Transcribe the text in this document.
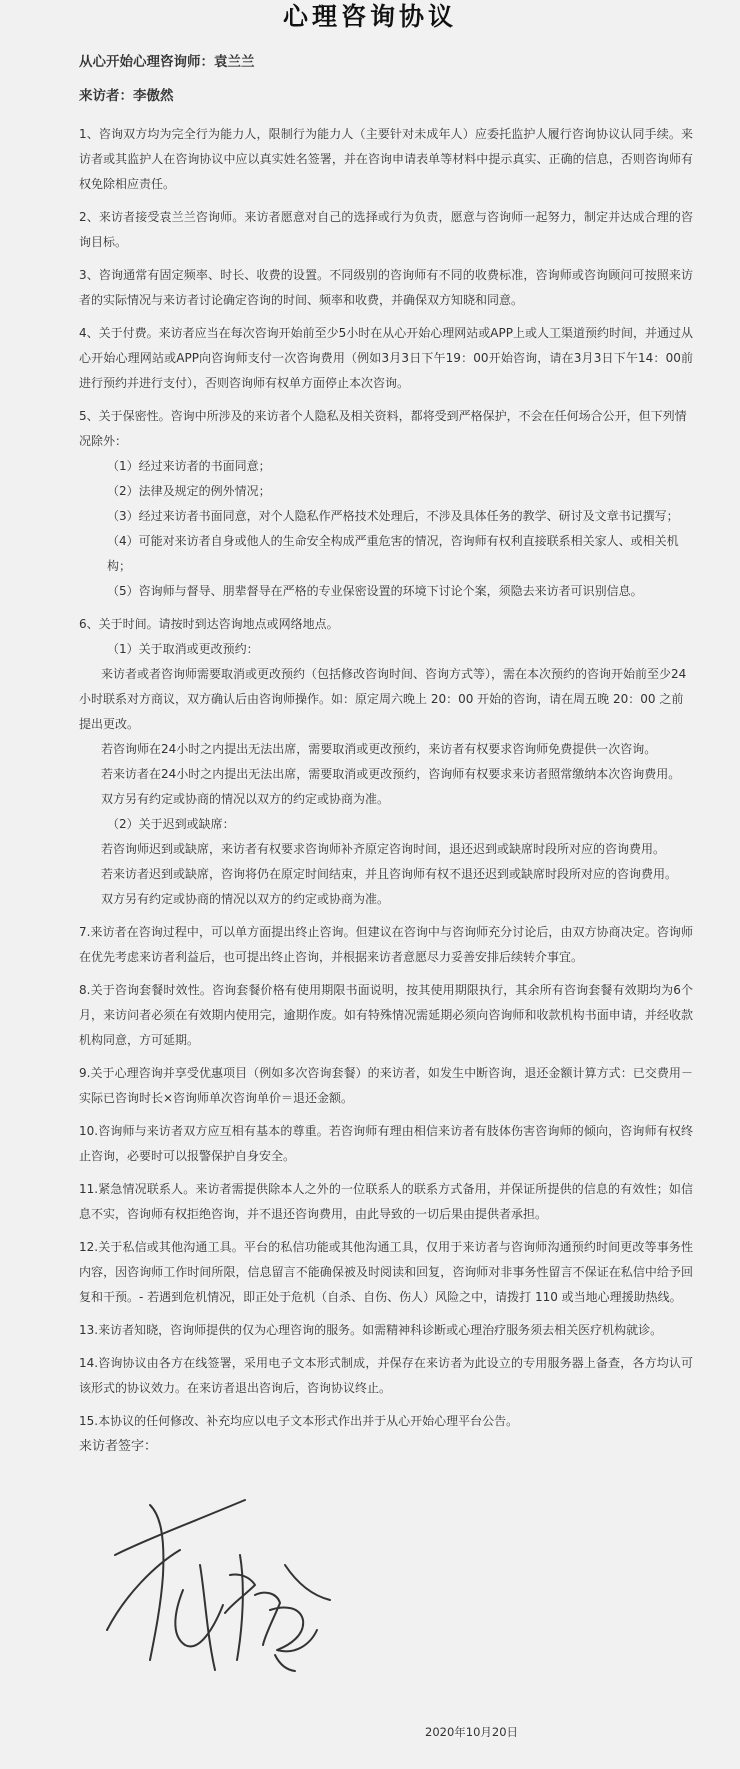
心理咨询协议
从心开始心理咨询师：袁兰兰
来访者：李傲然

1、咨询双方均为完全行为能力人，限制行为能力人（主要针对未成年人）应委托监护人履行咨询协议认同手续。来访者或其监护人在咨询协议中应以真实姓名签署，并在咨询申请表单等材料中提示真实、正确的信息，否则咨询师有权免除相应责任。

2、来访者接受袁兰兰咨询师。来访者愿意对自己的选择或行为负责，愿意与咨询师一起努力，制定并达成合理的咨询目标。

3、咨询通常有固定频率、时长、收费的设置。不同级别的咨询师有不同的收费标准，咨询师或咨询顾问可按照来访者的实际情况与来访者讨论确定咨询的时间、频率和收费，并确保双方知晓和同意。

4、关于付费。来访者应当在每次咨询开始前至少5小时在从心开始心理网站或APP上或人工渠道预约时间，并通过从心开始心理网站或APP向咨询师支付一次咨询费用（例如3月3日下午19：00开始咨询，请在3月3日下午14：00前进行预约并进行支付），否则咨询师有权单方面停止本次咨询。

5、关于保密性。咨询中所涉及的来访者个人隐私及相关资料，都将受到严格保护，不会在任何场合公开，但下列情况除外：

（1）经过来访者的书面同意；

（2）法律及规定的例外情况；

（3）经过来访者书面同意，对个人隐私作严格技术处理后，不涉及具体任务的教学、研讨及文章书记撰写；

（4）可能对来访者自身或他人的生命安全构成严重危害的情况，咨询师有权利直接联系相关家人、或相关机构；

（5）咨询师与督导、朋辈督导在严格的专业保密设置的环境下讨论个案，须隐去来访者可识别信息。

6、关于时间。请按时到达咨询地点或网络地点。

（1）关于取消或更改预约：

来访者或者咨询师需要取消或更改预约（包括修改咨询时间、咨询方式等），需在本次预约的咨询开始前至少24小时联系对方商议，双方确认后由咨询师操作。如：原定周六晚上 20：00 开始的咨询，请在周五晚 20：00 之前提出更改。

若咨询师在24小时之内提出无法出席，需要取消或更改预约，来访者有权要求咨询师免费提供一次咨询。

若来访者在24小时之内提出无法出席，需要取消或更改预约，咨询师有权要求来访者照常缴纳本次咨询费用。

双方另有约定或协商的情况以双方的约定或协商为准。

（2）关于迟到或缺席：

若咨询师迟到或缺席，来访者有权要求咨询师补齐原定咨询时间，退还迟到或缺席时段所对应的咨询费用。

若来访者迟到或缺席，咨询将仍在原定时间结束，并且咨询师有权不退还迟到或缺席时段所对应的咨询费用。

双方另有约定或协商的情况以双方的约定或协商为准。

7.来访者在咨询过程中，可以单方面提出终止咨询。但建议在咨询中与咨询师充分讨论后，由双方协商决定。咨询师在优先考虑来访者利益后，也可提出终止咨询，并根据来访者意愿尽力妥善安排后续转介事宜。

8.关于咨询套餐时效性。咨询套餐价格有使用期限书面说明，按其使用期限执行，其余所有咨询套餐有效期均为6个月，来访问者必须在有效期内使用完，逾期作废。如有特殊情况需延期必须向咨询师和收款机构书面申请，并经收款机构同意，方可延期。

9.关于心理咨询并享受优惠项目（例如多次咨询套餐）的来访者，如发生中断咨询，退还金额计算方式：已交费用－实际已咨询时长×咨询师单次咨询单价＝退还金额。

10.咨询师与来访者双方应互相有基本的尊重。若咨询师有理由相信来访者有肢体伤害咨询师的倾向，咨询师有权终止咨询，必要时可以报警保护自身安全。

11.紧急情况联系人。来访者需提供除本人之外的一位联系人的联系方式备用，并保证所提供的信息的有效性；如信息不实，咨询师有权拒绝咨询，并不退还咨询费用，由此导致的一切后果由提供者承担。

12.关于私信或其他沟通工具。平台的私信功能或其他沟通工具，仅用于来访者与咨询师沟通预约时间更改等事务性内容，因咨询师工作时间所限，信息留言不能确保被及时阅读和回复，咨询师对非事务性留言不保证在私信中给予回复和干预。- 若遇到危机情况，即正处于危机（自杀、自伤、伤人）风险之中，请拨打 110 或当地心理援助热线。

13.来访者知晓，咨询师提供的仅为心理咨询的服务。如需精神科诊断或心理治疗服务须去相关医疗机构就诊。

14.咨询协议由各方在线签署，采用电子文本形式制成，并保存在来访者为此设立的专用服务器上备查，各方均认可该形式的协议效力。在来访者退出咨询后，咨询协议终止。

15.本协议的任何修改、补充均应以电子文本形式作出并于从心开始心理平台公告。

来访者签字：
2020年10月20日
